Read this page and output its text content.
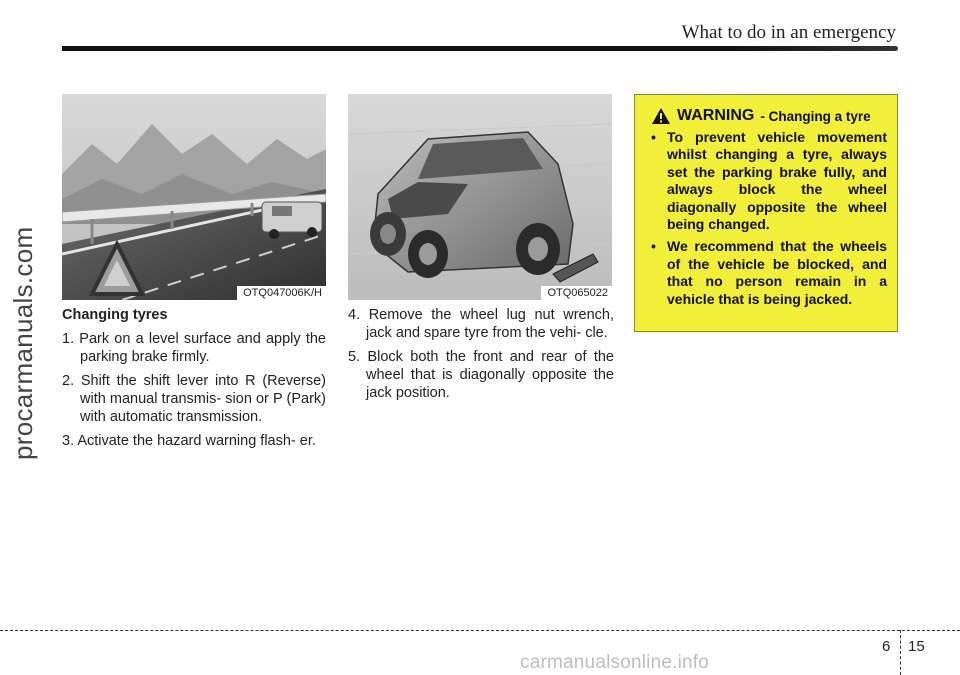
What to do in an emergency
procarmanuals.com	OTQ047006K/H	OTQ065022
Changing tyres
1. Park on a level surface and apply the parking brake firmly.
2. Shift the shift lever into R (Reverse) with manual transmis- sion or P (Park) with automatic transmission.
3. Activate the hazard warning flash- er.
4. Remove the wheel lug nut wrench, jack and spare tyre from the vehi- cle.
5. Block both the front and rear of the wheel that is diagonally opposite the jack position.
WARNING - Changing a tyre
• To prevent vehicle movement whilst changing a tyre, always set the parking brake fully, and always block the wheel diagonally opposite the wheel being changed.
• We recommend that the wheels of the vehicle be blocked, and that no person remain in a vehicle that is being jacked.
6 15
carmanualsonline.info
